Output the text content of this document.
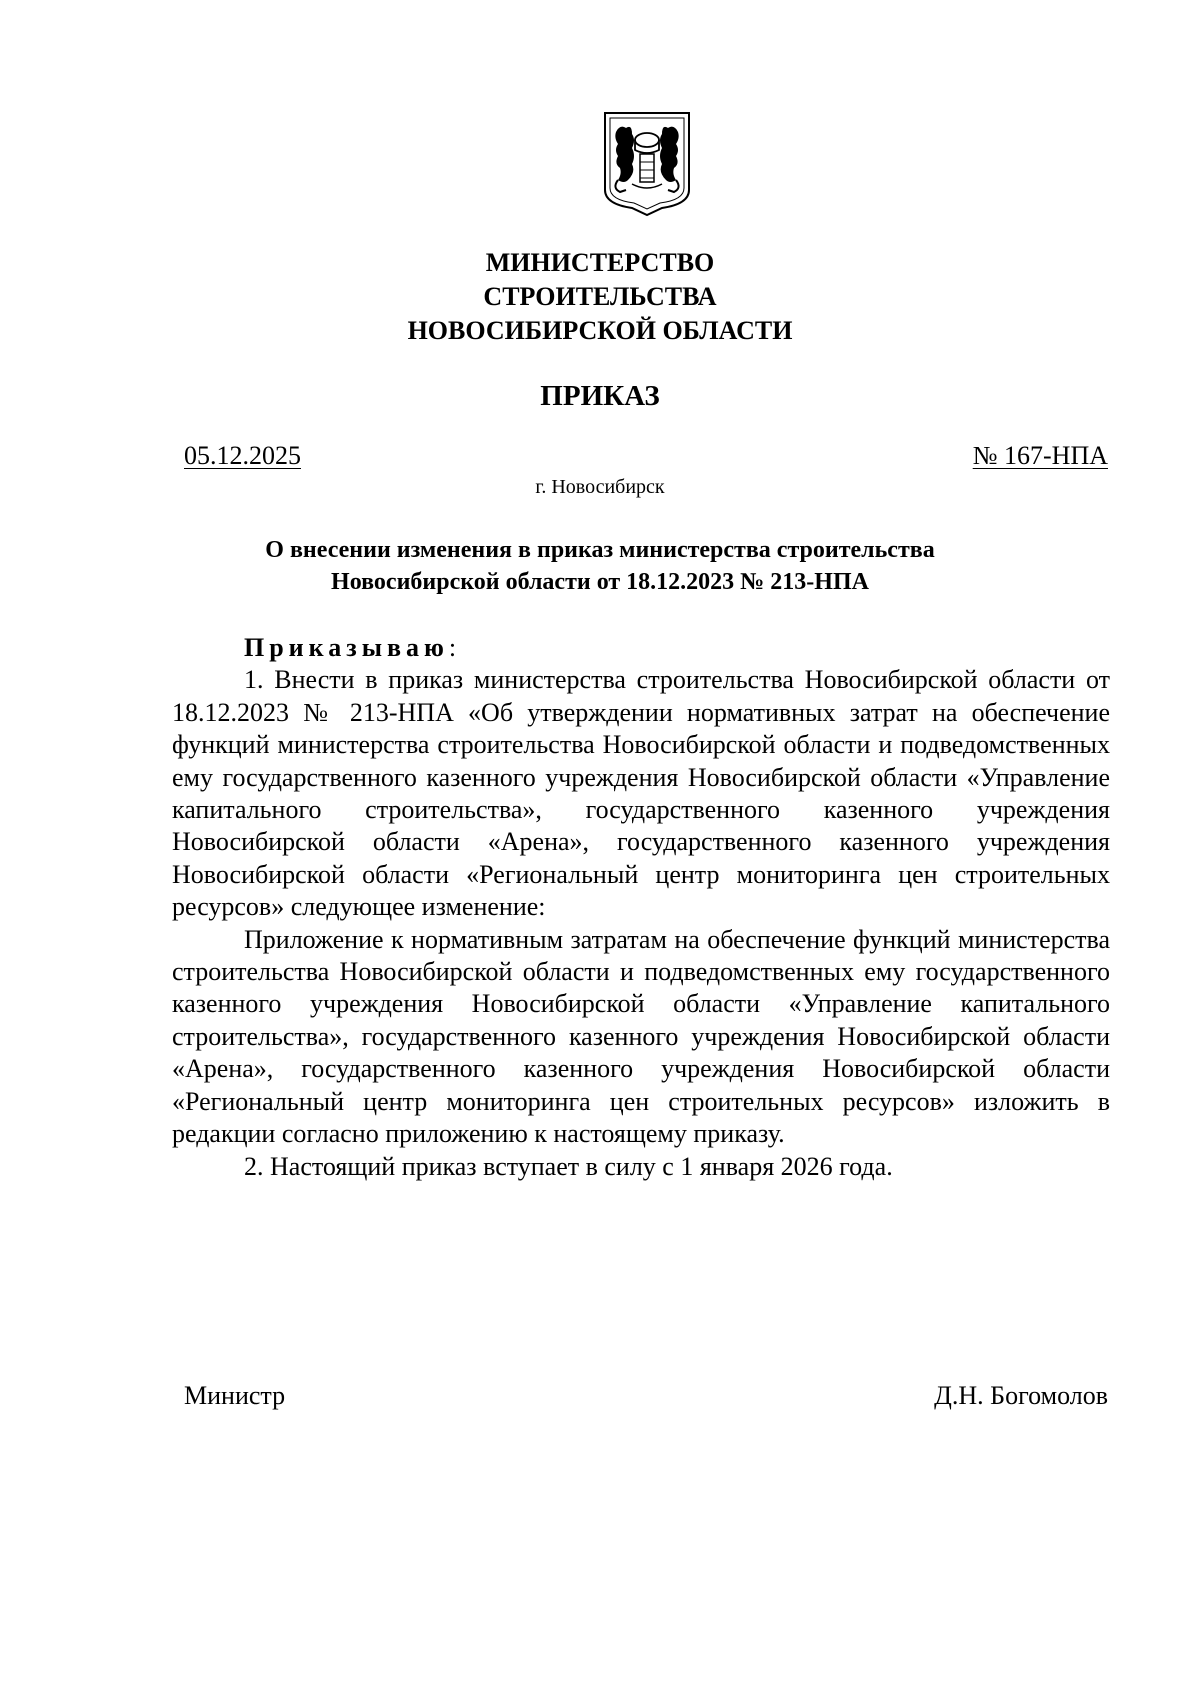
МИНИСТЕРСТВО
СТРОИТЕЛЬСТВА
НОВОСИБИРСКОЙ ОБЛАСТИ
ПРИКАЗ
05.12.2025	№ 167-НПА
г. Новосибирск
О внесении изменения в приказ министерства строительства
Новосибирской области от 18.12.2023 № 213-НПА

Приказываю:

1. Внести в приказ министерства строительства Новосибирской области от 18.12.2023 № 213-НПА «Об утверждении нормативных затрат на обеспечение функций министерства строительства Новосибирской области и подведомственных ему государственного казенного учреждения Новосибирской области «Управление капитального строительства», государственного казенного учреждения Новосибирской области «Арена», государственного казенного учреждения Новосибирской области «Региональный центр мониторинга цен строительных ресурсов» следующее изменение:

Приложение к нормативным затратам на обеспечение функций министерства строительства Новосибирской области и подведомственных ему государственного казенного учреждения Новосибирской области «Управление капитального строительства», государственного казенного учреждения Новосибирской области «Арена», государственного казенного учреждения Новосибирской области «Региональный центр мониторинга цен строительных ресурсов» изложить в редакции согласно приложению к настоящему приказу.

2. Настоящий приказ вступает в силу с 1 января 2026 года.

Министр	Д.Н. Богомолов
